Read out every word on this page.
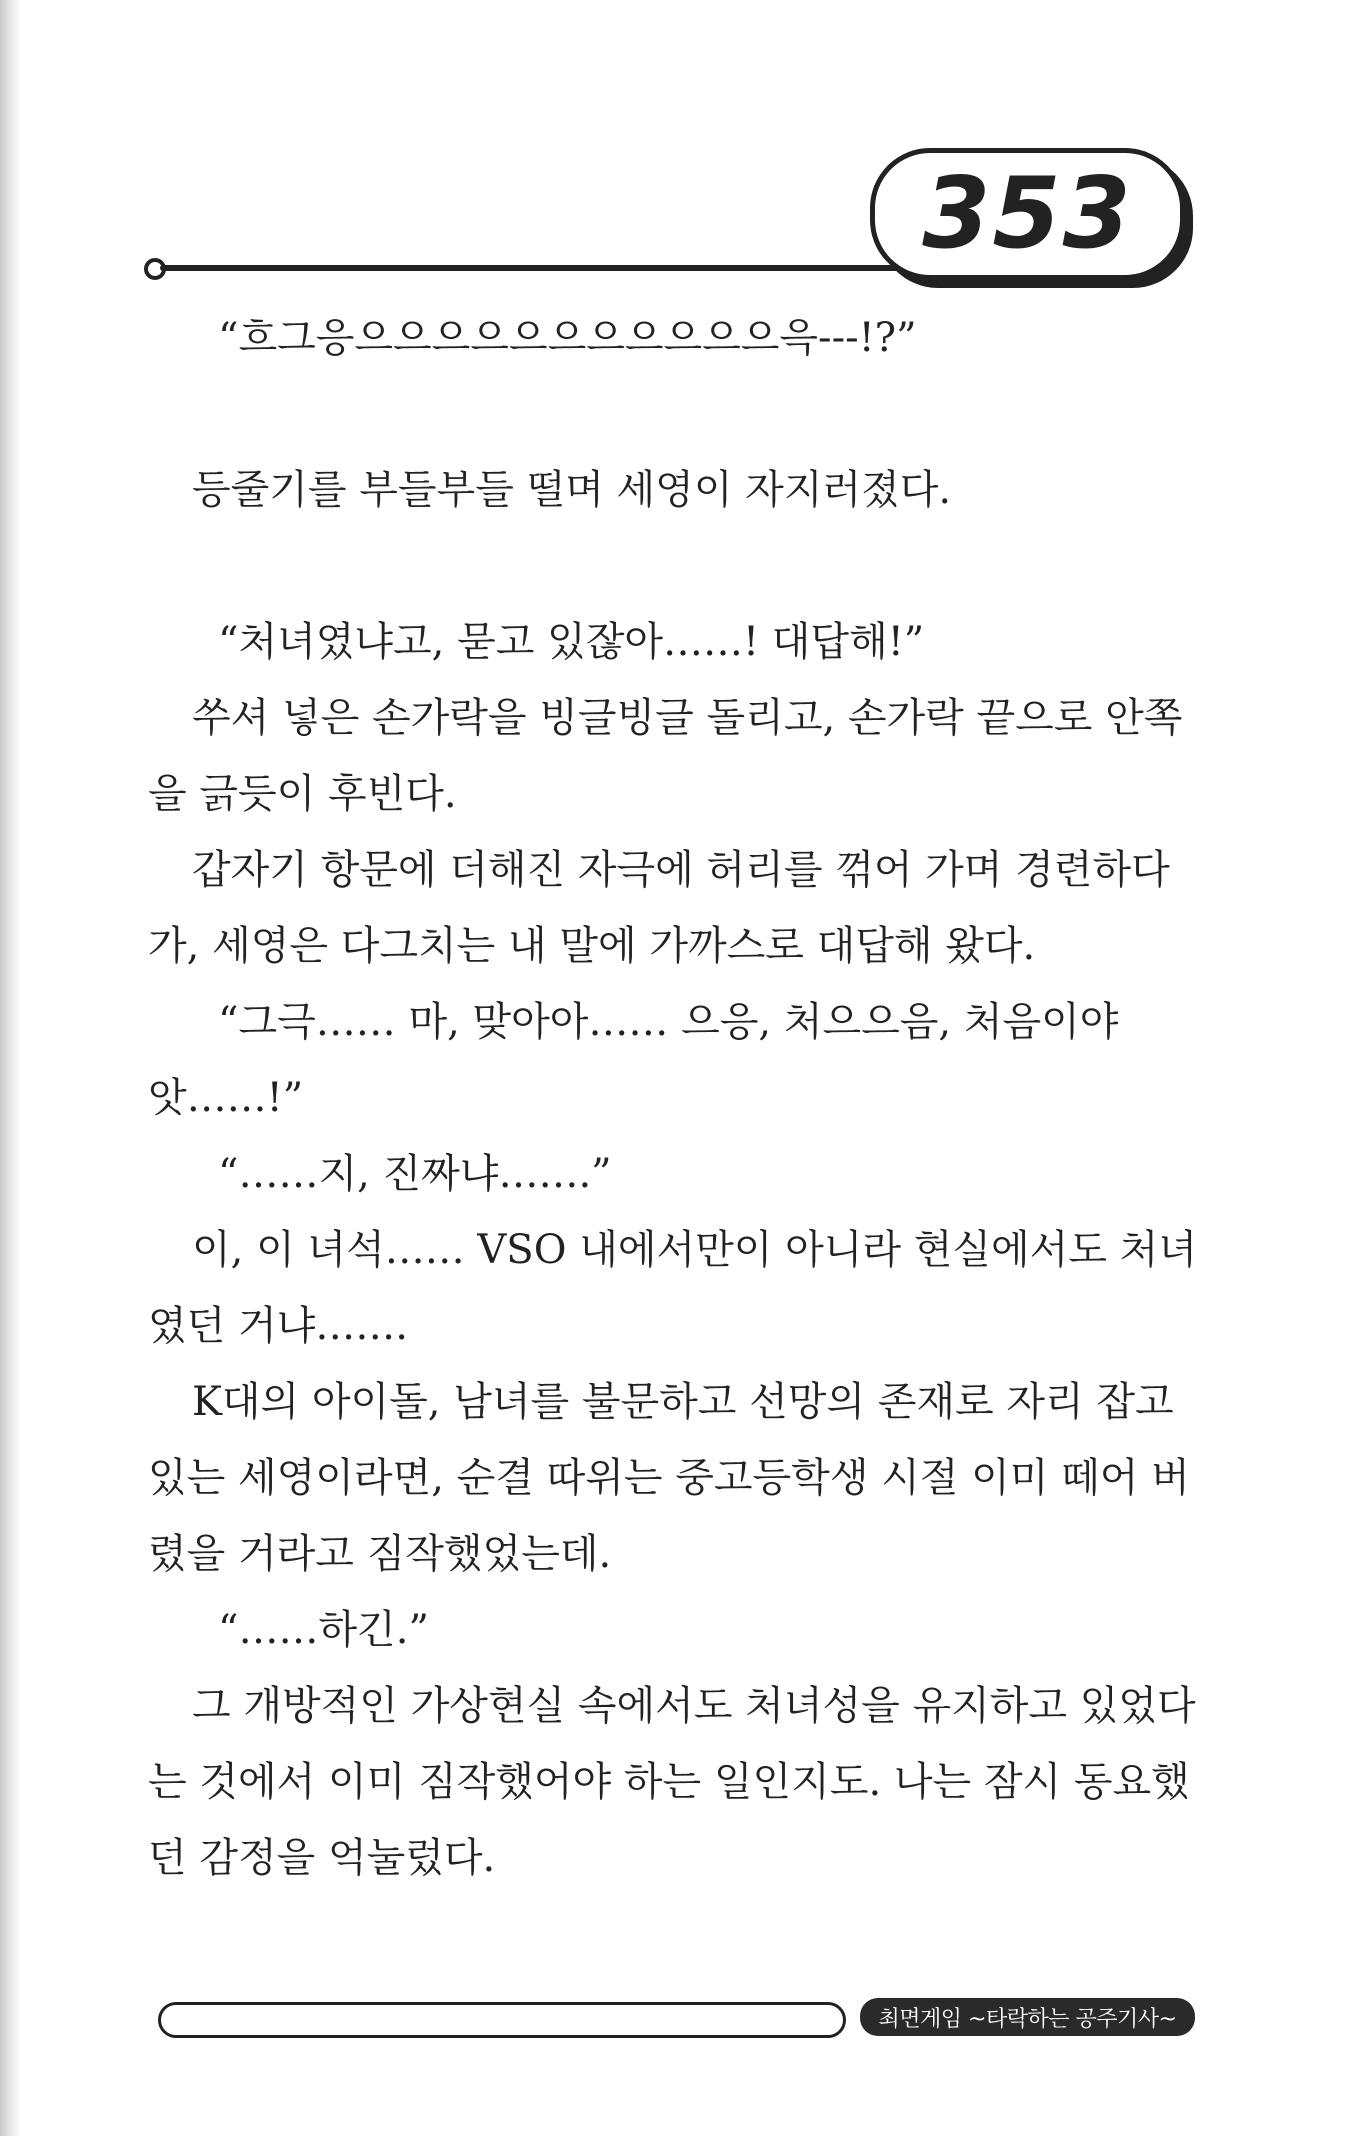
353

“흐그응으으으으으으으으으으으윽---!?”

등줄기를 부들부들 떨며 세영이 자지러졌다.

“처녀였냐고, 묻고 있잖아……! 대답해!”

쑤셔 넣은 손가락을 빙글빙글 돌리고, 손가락 끝으로 안쪽을 긁듯이 후빈다.

갑자기 항문에 더해진 자극에 허리를 꺾어 가며 경련하다가, 세영은 다그치는 내 말에 가까스로 대답해 왔다.

“그극…… 마, 맞아아…… 으응, 처으으음, 처음이야앗……!”

“……지, 진짜냐…….”

이, 이 녀석…… VSO 내에서만이 아니라 현실에서도 처녀였던 거냐…….

K대의 아이돌, 남녀를 불문하고 선망의 존재로 자리 잡고 있는 세영이라면, 순결 따위는 중고등학생 시절 이미 떼어 버렸을 거라고 짐작했었는데.

“……하긴.”

그 개방적인 가상현실 속에서도 처녀성을 유지하고 있었다는 것에서 이미 짐작했어야 하는 일인지도. 나는 잠시 동요했던 감정을 억눌렀다.

최면게임 ~타락하는 공주기사~
